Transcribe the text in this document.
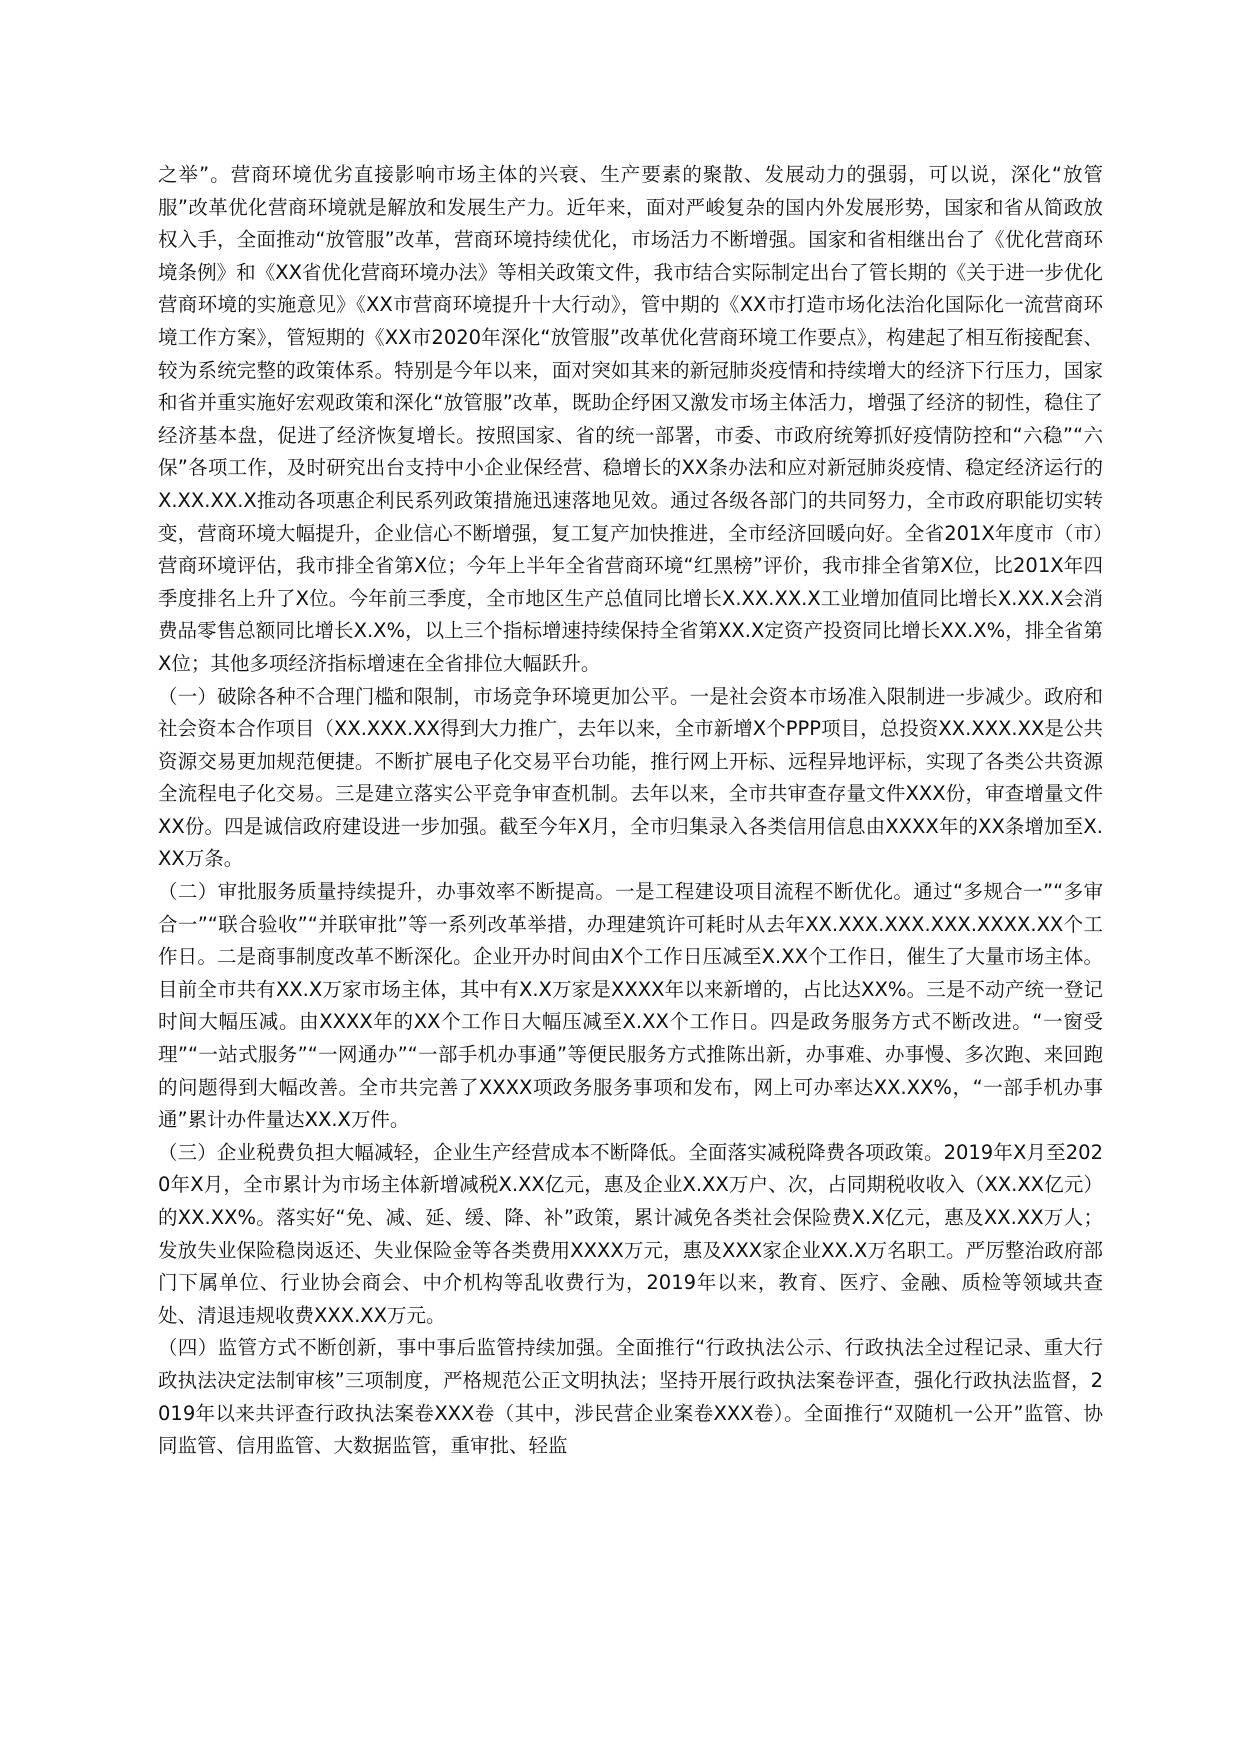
之举”。营商环境优劣直接影响市场主体的兴衰、生产要素的聚散、发展动力的强弱，可以说，深化“放管服”改革优化营商环境就是解放和发展生产力。近年来，面对严峻复杂的国内外发展形势，国家和省从简政放权入手，全面推动“放管服”改革，营商环境持续优化，市场活力不断增强。国家和省相继出台了《优化营商环境条例》和《XX省优化营商环境办法》等相关政策文件，我市结合实际制定出台了管长期的《关于进一步优化营商环境的实施意见》《XX市营商环境提升十大行动》，管中期的《XX市打造市场化法治化国际化一流营商环境工作方案》，管短期的《XX市2020年深化“放管服”改革优化营商环境工作要点》，构建起了相互衔接配套、较为系统完整的政策体系。特别是今年以来，面对突如其来的新冠肺炎疫情和持续增大的经济下行压力，国家和省并重实施好宏观政策和深化“放管服”改革，既助企纾困又激发市场主体活力，增强了经济的韧性，稳住了经济基本盘，促进了经济恢复增长。按照国家、省的统一部署，市委、市政府统筹抓好疫情防控和“六稳”“六保”各项工作，及时研究出台支持中小企业保经营、稳增长的XX条办法和应对新冠肺炎疫情、稳定经济运行的X.XX.XX.X推动各项惠企利民系列政策措施迅速落地见效。通过各级各部门的共同努力，全市政府职能切实转变，营商环境大幅提升，企业信心不断增强，复工复产加快推进，全市经济回暖向好。全省201X年度市（市）营商环境评估，我市排全省第X位；今年上半年全省营商环境“红黑榜”评价，我市排全省第X位，比201X年四季度排名上升了X位。今年前三季度，全市地区生产总值同比增长X.XX.XX.X工业增加值同比增长X.XX.X会消费品零售总额同比增长X.X%，以上三个指标增速持续保持全省第XX.X定资产投资同比增长XX.X%，排全省第X位；其他多项经济指标增速在全省排位大幅跃升。

（一）破除各种不合理门槛和限制，市场竞争环境更加公平。一是社会资本市场准入限制进一步减少。政府和社会资本合作项目（XX.XXX.XX得到大力推广，去年以来，全市新增X个PPP项目，总投资XX.XXX.XX是公共资源交易更加规范便捷。不断扩展电子化交易平台功能，推行网上开标、远程异地评标，实现了各类公共资源全流程电子化交易。三是建立落实公平竞争审查机制。去年以来，全市共审查存量文件XXX份，审查增量文件XX份。四是诚信政府建设进一步加强。截至今年X月，全市归集录入各类信用信息由XXXX年的XX条增加至X.XX万条。

（二）审批服务质量持续提升，办事效率不断提高。一是工程建设项目流程不断优化。通过“多规合一”“多审合一”“联合验收”“并联审批”等一系列改革举措，办理建筑许可耗时从去年XX.XXX.XXX.XXX.XXXX.XX个工作日。二是商事制度改革不断深化。企业开办时间由X个工作日压减至X.XX个工作日，催生了大量市场主体。目前全市共有XX.X万家市场主体，其中有X.X万家是XXXX年以来新增的，占比达XX%。三是不动产统一登记时间大幅压减。由XXXX年的XX个工作日大幅压减至X.XX个工作日。四是政务服务方式不断改进。“一窗受理”“一站式服务”“一网通办”“一部手机办事通”等便民服务方式推陈出新，办事难、办事慢、多次跑、来回跑的问题得到大幅改善。全市共完善了XXXX项政务服务事项和发布，网上可办率达XX.XX%，“一部手机办事通”累计办件量达XX.X万件。

（三）企业税费负担大幅减轻，企业生产经营成本不断降低。全面落实减税降费各项政策。2019年X月至2020年X月，全市累计为市场主体新增减税X.XX亿元，惠及企业X.XX万户、次，占同期税收收入（XX.XX亿元）的XX.XX%。落实好“免、减、延、缓、降、补”政策，累计减免各类社会保险费X.X亿元，惠及XX.XX万人；发放失业保险稳岗返还、失业保险金等各类费用XXXX万元，惠及XXX家企业XX.X万名职工。严厉整治政府部门下属单位、行业协会商会、中介机构等乱收费行为，2019年以来，教育、医疗、金融、质检等领域共查处、清退违规收费XXX.XX万元。

（四）监管方式不断创新，事中事后监管持续加强。全面推行“行政执法公示、行政执法全过程记录、重大行政执法决定法制审核”三项制度，严格规范公正文明执法；坚持开展行政执法案卷评查，强化行政执法监督，2019年以来共评查行政执法案卷XXX卷（其中，涉民营企业案卷XXX卷）。全面推行“双随机一公开”监管、协同监管、信用监管、大数据监管，重审批、轻监
